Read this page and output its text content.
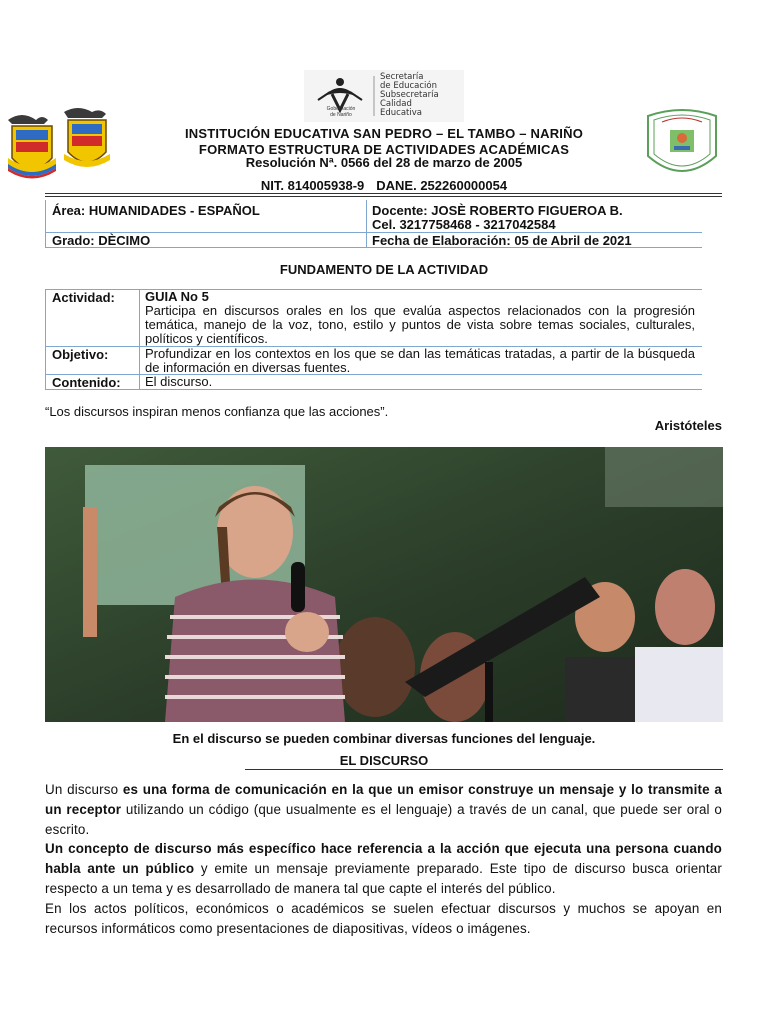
Secretaría
de Educación
Subsecretaría
Calidad
Educativa
Gobernación
de Nariño
INSTITUCIÓN EDUCATIVA SAN PEDRO – EL TAMBO – NARIÑO
FORMATO ESTRUCTURA DE ACTIVIDADES ACADÉMICAS
Resolución Nª. 0566 del 28 de marzo de 2005
NIT. 814005938-9 DANE. 252260000054
Área: HUMANIDADES - ESPAÑOL	Docente: JOSÈ ROBERTO FIGUEROA B.
Cel. 3217758468 - 3217042584
Grado: DÈCIMO	Fecha de Elaboración: 05 de Abril de 2021
FUNDAMENTO DE LA ACTIVIDAD
Actividad: GUIA No 5
Participa en discursos orales en los que evalúa aspectos relacionados con la progresión temática, manejo de la voz, tono, estilo y puntos de vista sobre temas sociales, culturales, políticos y científicos.
Objetivo:	Profundizar en los contextos en los que se dan las temáticas tratadas, a partir de la búsqueda de información en diversas fuentes.
Contenido: El discurso.
“Los discursos inspiran menos confianza que las acciones”.
Aristóteles
En el discurso se pueden combinar diversas funciones del lenguaje.
EL DISCURSO

Un discurso es una forma de comunicación en la que un emisor construye un mensaje y lo transmite a un receptor utilizando un código (que usualmente es el lenguaje) a través de un canal, que puede ser oral o escrito.

Un concepto de discurso más específico hace referencia a la acción que ejecuta una persona cuando habla ante un público y emite un mensaje previamente preparado. Este tipo de discurso busca orientar respecto a un tema y es desarrollado de manera tal que capte el interés del público.

En los actos políticos, económicos o académicos se suelen efectuar discursos y muchos se apoyan en recursos informáticos como presentaciones de diapositivas, vídeos o imágenes.
